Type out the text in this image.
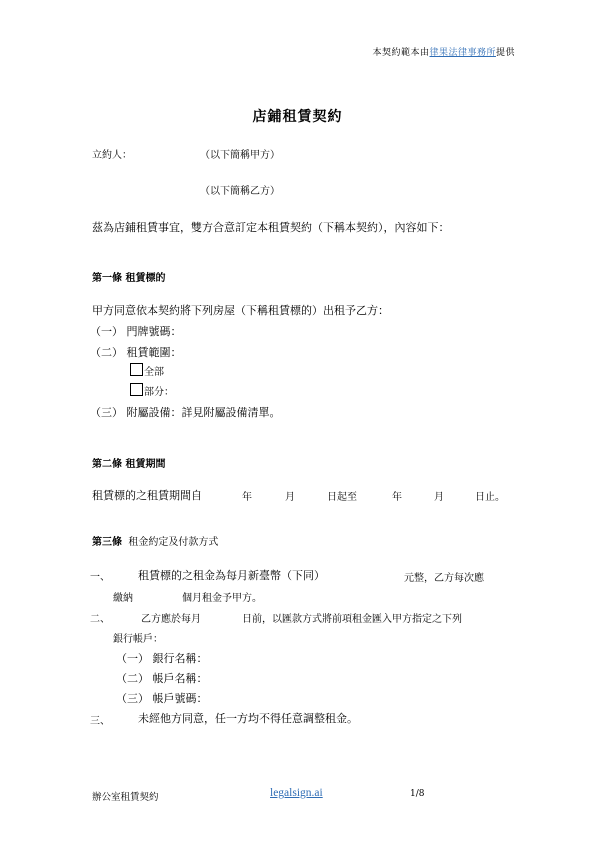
本契約範本由律果法律事務所提供
店鋪租賃契約
立約人：	（以下簡稱甲方）
（以下簡稱乙方）
茲為店鋪租賃事宜，雙方合意訂定本租賃契約（下稱本契約），內容如下：
第一條 租賃標的
甲方同意依本契約將下列房屋（下稱租賃標的）出租予乙方：
（一） 門牌號碼：
（二） 租賃範圍：
全部
部分：
（三） 附屬設備：詳見附屬設備清單。
第二條 租賃期間
租賃標的之租賃期間自	年	月	日起至	年	月	日止。
第三條 租金約定及付款方式
一、	租賃標的之租金為每月新臺幣（下同）	元整，乙方每次應
繳納	個月租金予甲方。
二、	乙方應於每月	日前，以匯款方式將前項租金匯入甲方指定之下列
銀行帳戶：
（一） 銀行名稱：
（二） 帳戶名稱：
（三） 帳戶號碼：
三、	未經他方同意，任一方均不得任意調整租金。
辦公室租賃契約	legalsign.ai	1/8
